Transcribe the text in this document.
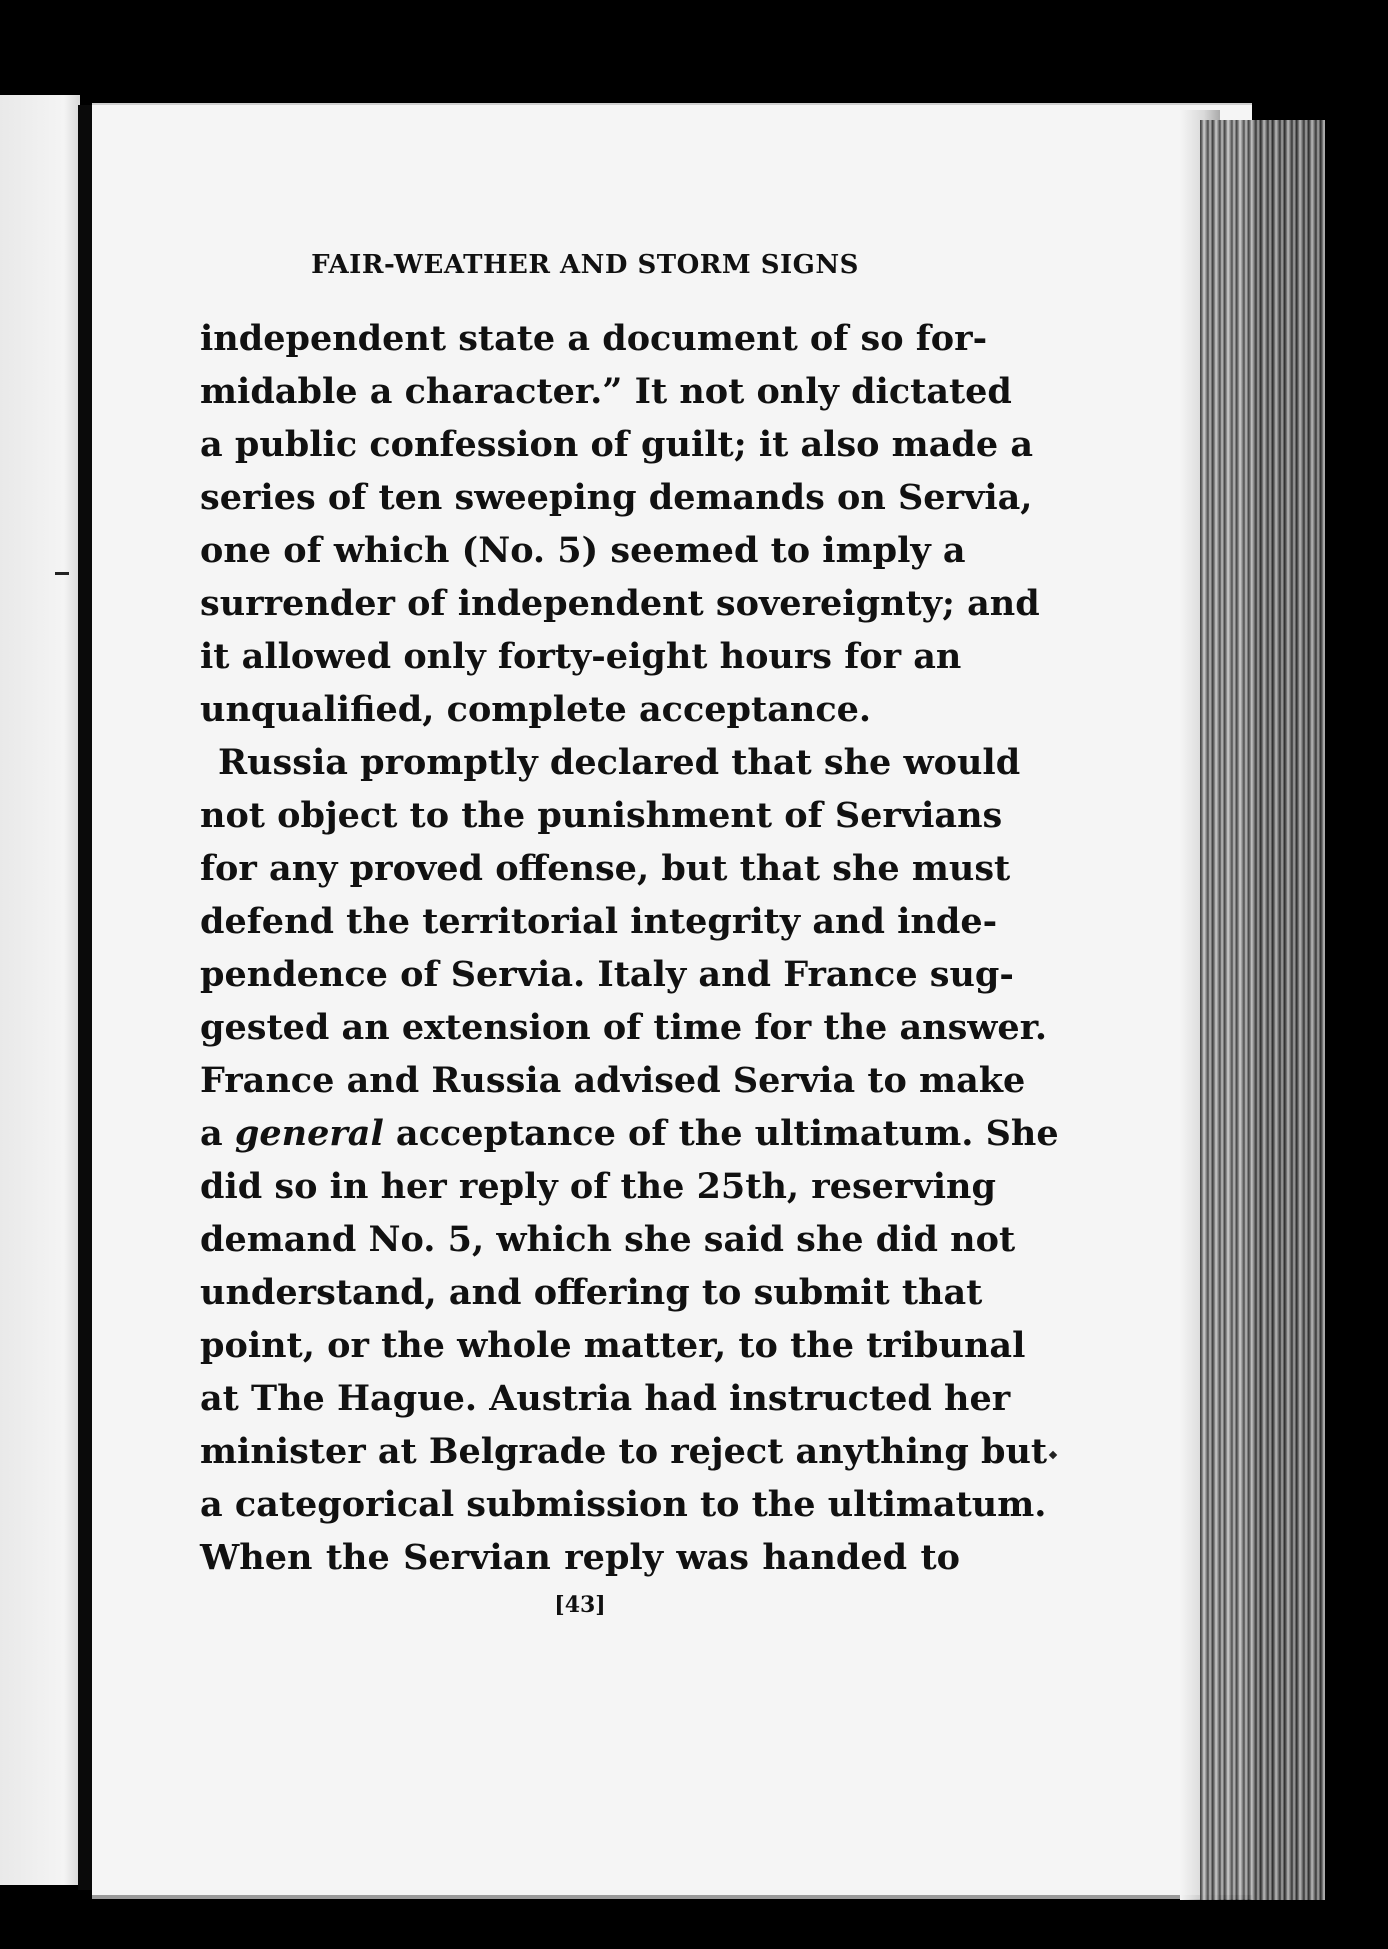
FAIR-WEATHER AND STORM SIGNS
independent state a document of so for-
midable a character.” It not only dictated
a public confession of guilt; it also made a
series of ten sweeping demands on Servia,
one of which (No. 5) seemed to imply a
surrender of independent sovereignty; and
it allowed only forty-eight hours for an
unqualified, complete acceptance.
Russia promptly declared that she would
not object to the punishment of Servians
for any proved offense, but that she must
defend the territorial integrity and inde-
pendence of Servia. Italy and France sug-
gested an extension of time for the answer.
France and Russia advised Servia to make
a general acceptance of the ultimatum. She
did so in her reply of the 25th, reserving
demand No. 5, which she said she did not
understand, and offering to submit that
point, or the whole matter, to the tribunal
at The Hague. Austria had instructed her
minister at Belgrade to reject anything but
a categorical submission to the ultimatum.
When the Servian reply was handed to
[43]
